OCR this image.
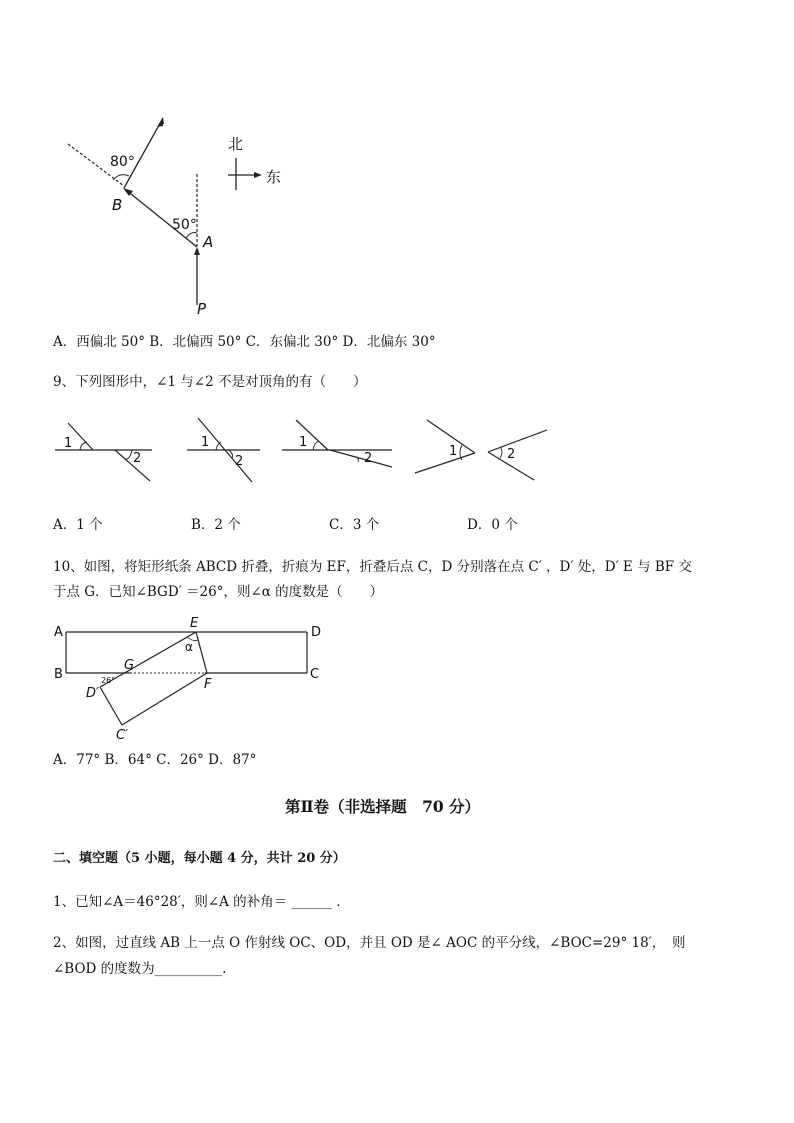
北
东
80°
50°
B
A
P
A．西偏北 50° B．北偏西 50° C．东偏北 30° D．北偏东 30°
9、下列图形中，∠1 与∠2 不是对顶角的有（　　）
1
2
1
2
1
2	1	2
A．1 个	B．2 个	C．3 个	D．0 个
10、如图，将矩形纸条 ABCD 折叠，折痕为 EF，折叠后点 C，D 分别落在点 C′ ，D′ 处，D′ E 与 BF 交
于点 G．已知∠BGD′ ＝26°，则∠α 的度数是（　　）
A
B	C
D
E
F
G
D′
C′
α
26°
A．77° B．64° C．26° D．87°
第Ⅱ卷（非选择题　70 分）
二、填空题（5 小题，每小题 4 分，共计 20 分）
1、已知∠A＝46°28′，则∠A 的补角＝ ______ ．
2、如图，过直线 AB 上一点 O 作射线 OC、OD，并且 OD 是∠ AOC 的平分线，∠BOC=29° 18′，　则
∠BOD 的度数为__________.
